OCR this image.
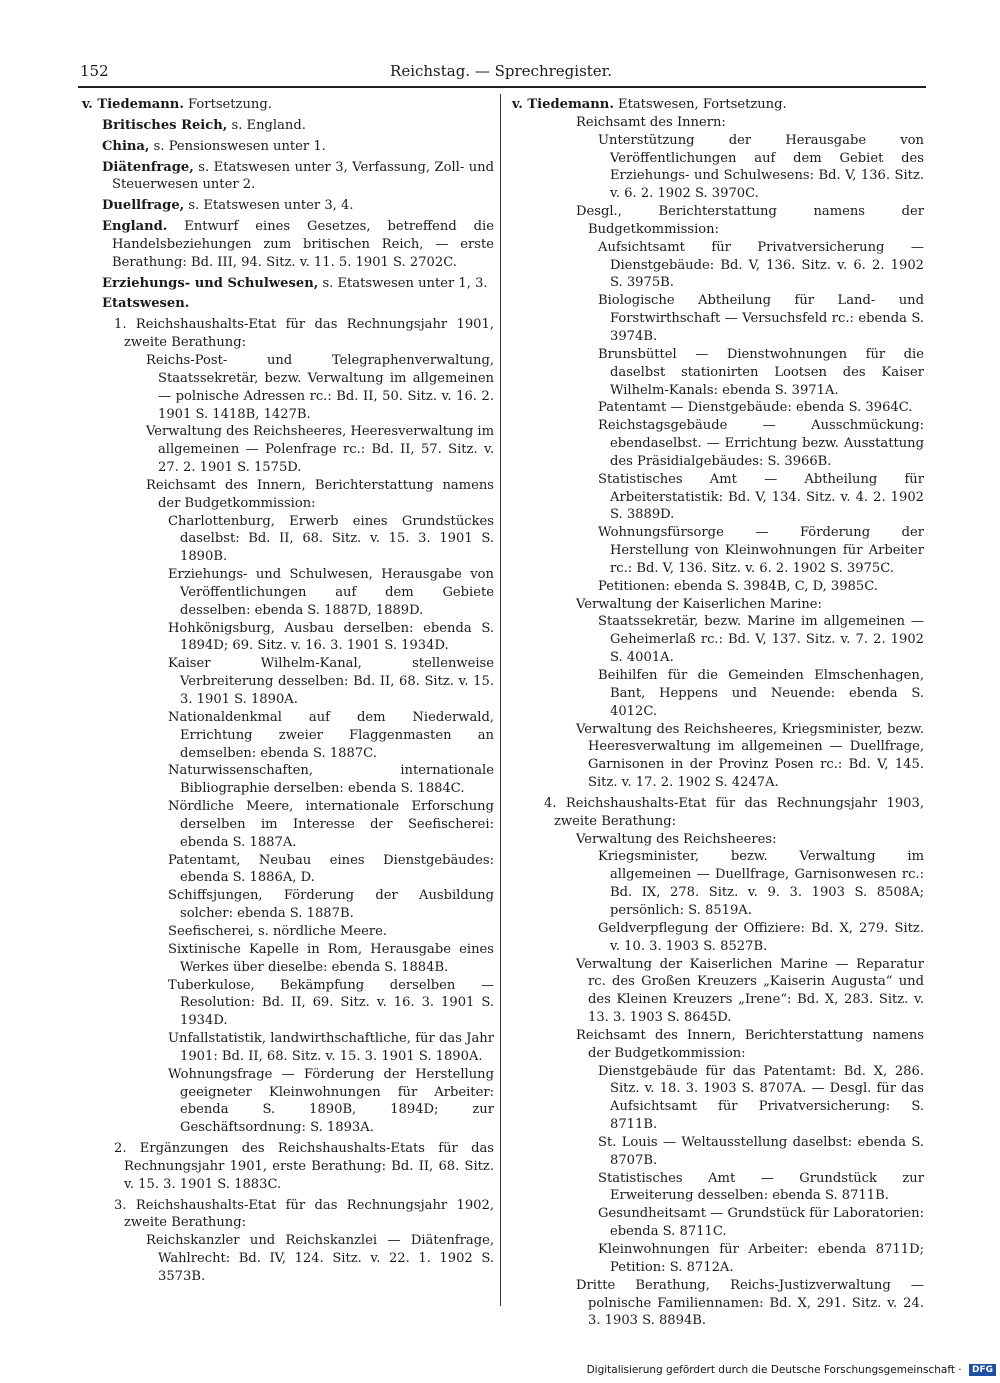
152	Reichstag. — Sprechregister.

v. Tiedemann. Fortsetzung.

Britisches Reich, s. England.

China, s. Pensionswesen unter 1.

Diätenfrage, s. Etatswesen unter 3, Verfassung, Zoll- und Steuerwesen unter 2.

Duellfrage, s. Etatswesen unter 3, 4.

England. Entwurf eines Gesetzes, betreffend die Handelsbeziehungen zum britischen Reich, — erste Berathung: Bd. III, 94. Sitz. v. 11. 5. 1901 S. 2702C.

Erziehungs- und Schulwesen, s. Etatswesen unter 1, 3.

Etatswesen.

1. Reichshaushalts-Etat für das Rechnungsjahr 1901, zweite Berathung:

Reichs-Post- und Telegraphenverwaltung, Staatssekretär, bezw. Verwaltung im allgemeinen — polnische Adressen rc.: Bd. II, 50. Sitz. v. 16. 2. 1901 S. 1418B, 1427B.

Verwaltung des Reichsheeres, Heeresverwaltung im allgemeinen — Polenfrage rc.: Bd. II, 57. Sitz. v. 27. 2. 1901 S. 1575D.

Reichsamt des Innern, Berichterstattung namens der Budgetkommission:

Charlottenburg, Erwerb eines Grundstückes daselbst: Bd. II, 68. Sitz. v. 15. 3. 1901 S. 1890B.

Erziehungs- und Schulwesen, Herausgabe von Veröffentlichungen auf dem Gebiete desselben: ebenda S. 1887D, 1889D.

Hohkönigsburg, Ausbau derselben: ebenda S. 1894D; 69. Sitz. v. 16. 3. 1901 S. 1934D.

Kaiser Wilhelm-Kanal, stellenweise Verbreiterung desselben: Bd. II, 68. Sitz. v. 15. 3. 1901 S. 1890A.

Nationaldenkmal auf dem Niederwald, Errichtung zweier Flaggenmasten an demselben: ebenda S. 1887C.

Naturwissenschaften, internationale Bibliographie derselben: ebenda S. 1884C.

Nördliche Meere, internationale Erforschung derselben im Interesse der Seefischerei: ebenda S. 1887A.

Patentamt, Neubau eines Dienstgebäudes: ebenda S. 1886A, D.

Schiffsjungen, Förderung der Ausbildung solcher: ebenda S. 1887B.

Seefischerei, s. nördliche Meere.

Sixtinische Kapelle in Rom, Herausgabe eines Werkes über dieselbe: ebenda S. 1884B.

Tuberkulose, Bekämpfung derselben — Resolution: Bd. II, 69. Sitz. v. 16. 3. 1901 S. 1934D.

Unfallstatistik, landwirthschaftliche, für das Jahr 1901: Bd. II, 68. Sitz. v. 15. 3. 1901 S. 1890A.

Wohnungsfrage — Förderung der Herstellung geeigneter Kleinwohnungen für Arbeiter: ebenda S. 1890B, 1894D; zur Geschäftsordnung: S. 1893A.

2. Ergänzungen des Reichshaushalts-Etats für das Rechnungsjahr 1901, erste Berathung: Bd. II, 68. Sitz. v. 15. 3. 1901 S. 1883C.

3. Reichshaushalts-Etat für das Rechnungsjahr 1902, zweite Berathung:

Reichskanzler und Reichskanzlei — Diätenfrage, Wahlrecht: Bd. IV, 124. Sitz. v. 22. 1. 1902 S. 3573B.

v. Tiedemann. Etatswesen, Fortsetzung.

Reichsamt des Innern:

Unterstützung der Herausgabe von Veröffentlichungen auf dem Gebiet des Erziehungs- und Schulwesens: Bd. V, 136. Sitz. v. 6. 2. 1902 S. 3970C.

Desgl., Berichterstattung namens der Budgetkommission:

Aufsichtsamt für Privatversicherung — Dienstgebäude: Bd. V, 136. Sitz. v. 6. 2. 1902 S. 3975B.

Biologische Abtheilung für Land- und Forstwirthschaft — Versuchsfeld rc.: ebenda S. 3974B.

Brunsbüttel — Dienstwohnungen für die daselbst stationirten Lootsen des Kaiser Wilhelm-Kanals: ebenda S. 3971A.

Patentamt — Dienstgebäude: ebenda S. 3964C.

Reichstagsgebäude — Ausschmückung: ebendaselbst. — Errichtung bezw. Ausstattung des Präsidialgebäudes: S. 3966B.

Statistisches Amt — Abtheilung für Arbeiterstatistik: Bd. V, 134. Sitz. v. 4. 2. 1902 S. 3889D.

Wohnungsfürsorge — Förderung der Herstellung von Kleinwohnungen für Arbeiter rc.: Bd. V, 136. Sitz. v. 6. 2. 1902 S. 3975C.

Petitionen: ebenda S. 3984B, C, D, 3985C.

Verwaltung der Kaiserlichen Marine:

Staatssekretär, bezw. Marine im allgemeinen — Geheimerlaß rc.: Bd. V, 137. Sitz. v. 7. 2. 1902 S. 4001A.

Beihilfen für die Gemeinden Elmschenhagen, Bant, Heppens und Neuende: ebenda S. 4012C.

Verwaltung des Reichsheeres, Kriegsminister, bezw. Heeresverwaltung im allgemeinen — Duellfrage, Garnisonen in der Provinz Posen rc.: Bd. V, 145. Sitz. v. 17. 2. 1902 S. 4247A.

4. Reichshaushalts-Etat für das Rechnungsjahr 1903, zweite Berathung:

Verwaltung des Reichsheeres:

Kriegsminister, bezw. Verwaltung im allgemeinen — Duellfrage, Garnisonwesen rc.: Bd. IX, 278. Sitz. v. 9. 3. 1903 S. 8508A; persönlich: S. 8519A.

Geldverpflegung der Offiziere: Bd. X, 279. Sitz. v. 10. 3. 1903 S. 8527B.

Verwaltung der Kaiserlichen Marine — Reparatur rc. des Großen Kreuzers „Kaiserin Augusta“ und des Kleinen Kreuzers „Irene“: Bd. X, 283. Sitz. v. 13. 3. 1903 S. 8645D.

Reichsamt des Innern, Berichterstattung namens der Budgetkommission:

Dienstgebäude für das Patentamt: Bd. X, 286. Sitz. v. 18. 3. 1903 S. 8707A. — Desgl. für das Aufsichtsamt für Privatversicherung: S. 8711B.

St. Louis — Weltausstellung daselbst: ebenda S. 8707B.

Statistisches Amt — Grundstück zur Erweiterung desselben: ebenda S. 8711B.

Gesundheitsamt — Grundstück für Laboratorien: ebenda S. 8711C.

Kleinwohnungen für Arbeiter: ebenda 8711D; Petition: S. 8712A.

Dritte Berathung, Reichs-Justizverwaltung — polnische Familiennamen: Bd. X, 291. Sitz. v. 24. 3. 1903 S. 8894B.

Digitalisierung gefördert durch die Deutsche Forschungsgemeinschaft · DFG
